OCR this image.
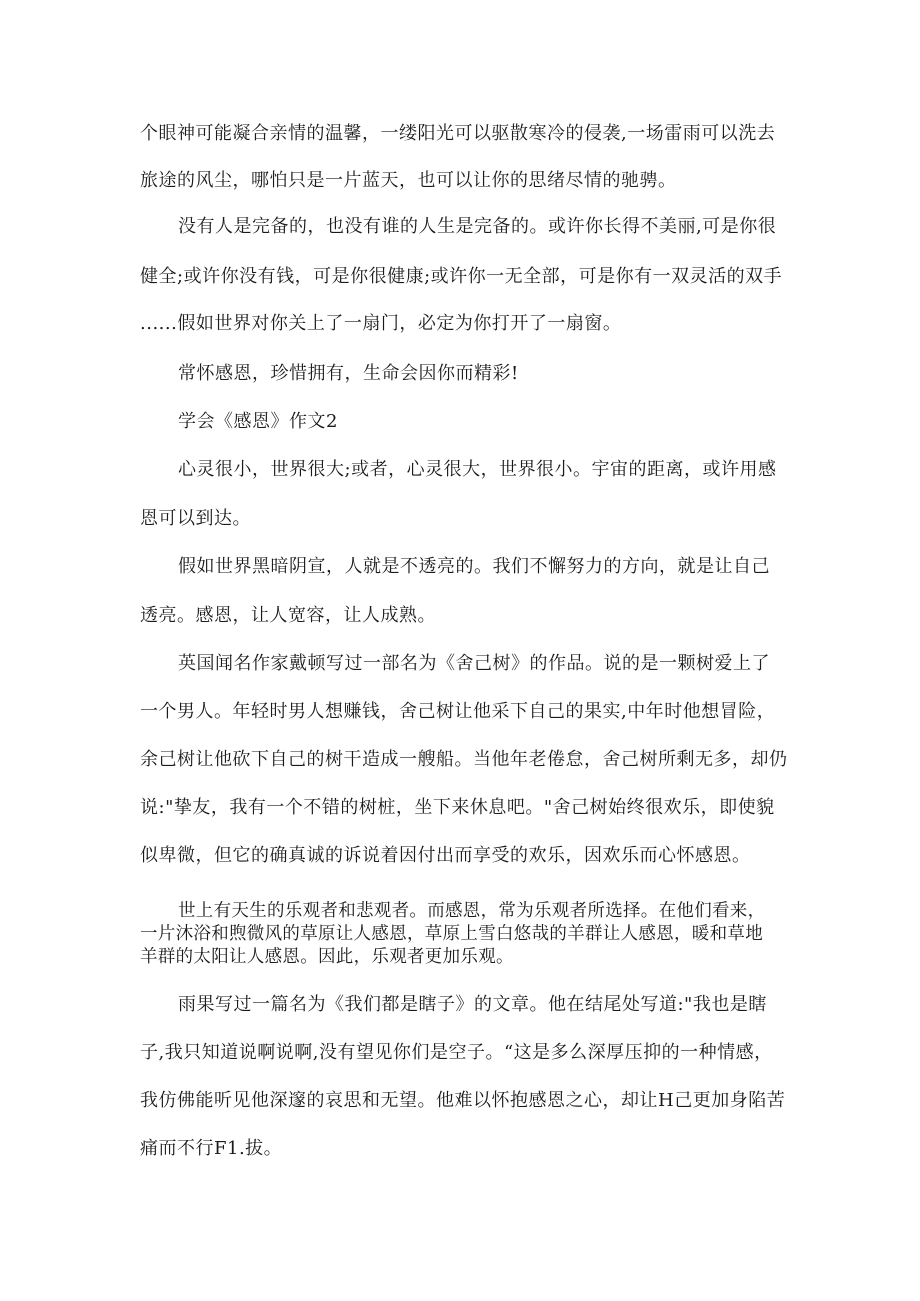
个眼神可能凝合亲情的温馨，一缕阳光可以驱散寒冷的侵袭,一场雷雨可以洗去
旅途的风尘，哪怕只是一片蓝天，也可以让你的思绪尽情的驰骋。
没有人是完备的，也没有谁的人生是完备的。或许你长得不美丽,可是你很
健全;或许你没有钱，可是你很健康;或许你一无全部，可是你有一双灵活的双手
......假如世界对你关上了一扇门，必定为你打开了一扇窗。
常怀感恩，珍惜拥有，生命会因你而精彩!
学会《感恩》作文2
心灵很小，世界很大;或者，心灵很大，世界很小。宇宙的距离，或许用感
恩可以到达。
假如世界黑暗阴宣，人就是不透亮的。我们不懈努力的方向，就是让自己
透亮。感恩，让人宽容，让人成熟。
英国闻名作家戴顿写过一部名为《舍己树》的作品。说的是一颗树爱上了
一个男人。年轻时男人想赚钱，舍己树让他采下自己的果实,中年时他想冒险，
余己树让他砍下自己的树干造成一艘船。当他年老倦怠，舍己树所剩无多，却仍
说:"挚友，我有一个不错的树桩，坐下来休息吧。"舍己树始终很欢乐，即使貌
似卑微，但它的确真诚的诉说着因付出而享受的欢乐，因欢乐而心怀感恩。
世上有天生的乐观者和悲观者。而感恩，常为乐观者所选择。在他们看来，
一片沐浴和煦微风的草原让人感恩，草原上雪白悠哉的羊群让人感恩，暖和草地
羊群的太阳让人感恩。因此，乐观者更加乐观。
雨果写过一篇名为《我们都是瞎子》的文章。他在结尾处写道:"我也是瞎
子,我只知道说啊说啊,没有望见你们是空子。“这是多么深厚压抑的一种情感，
我仿佛能听见他深邃的哀思和无望。他难以怀抱感恩之心，却让H己更加身陷苦
痛而不行F1.拔。
